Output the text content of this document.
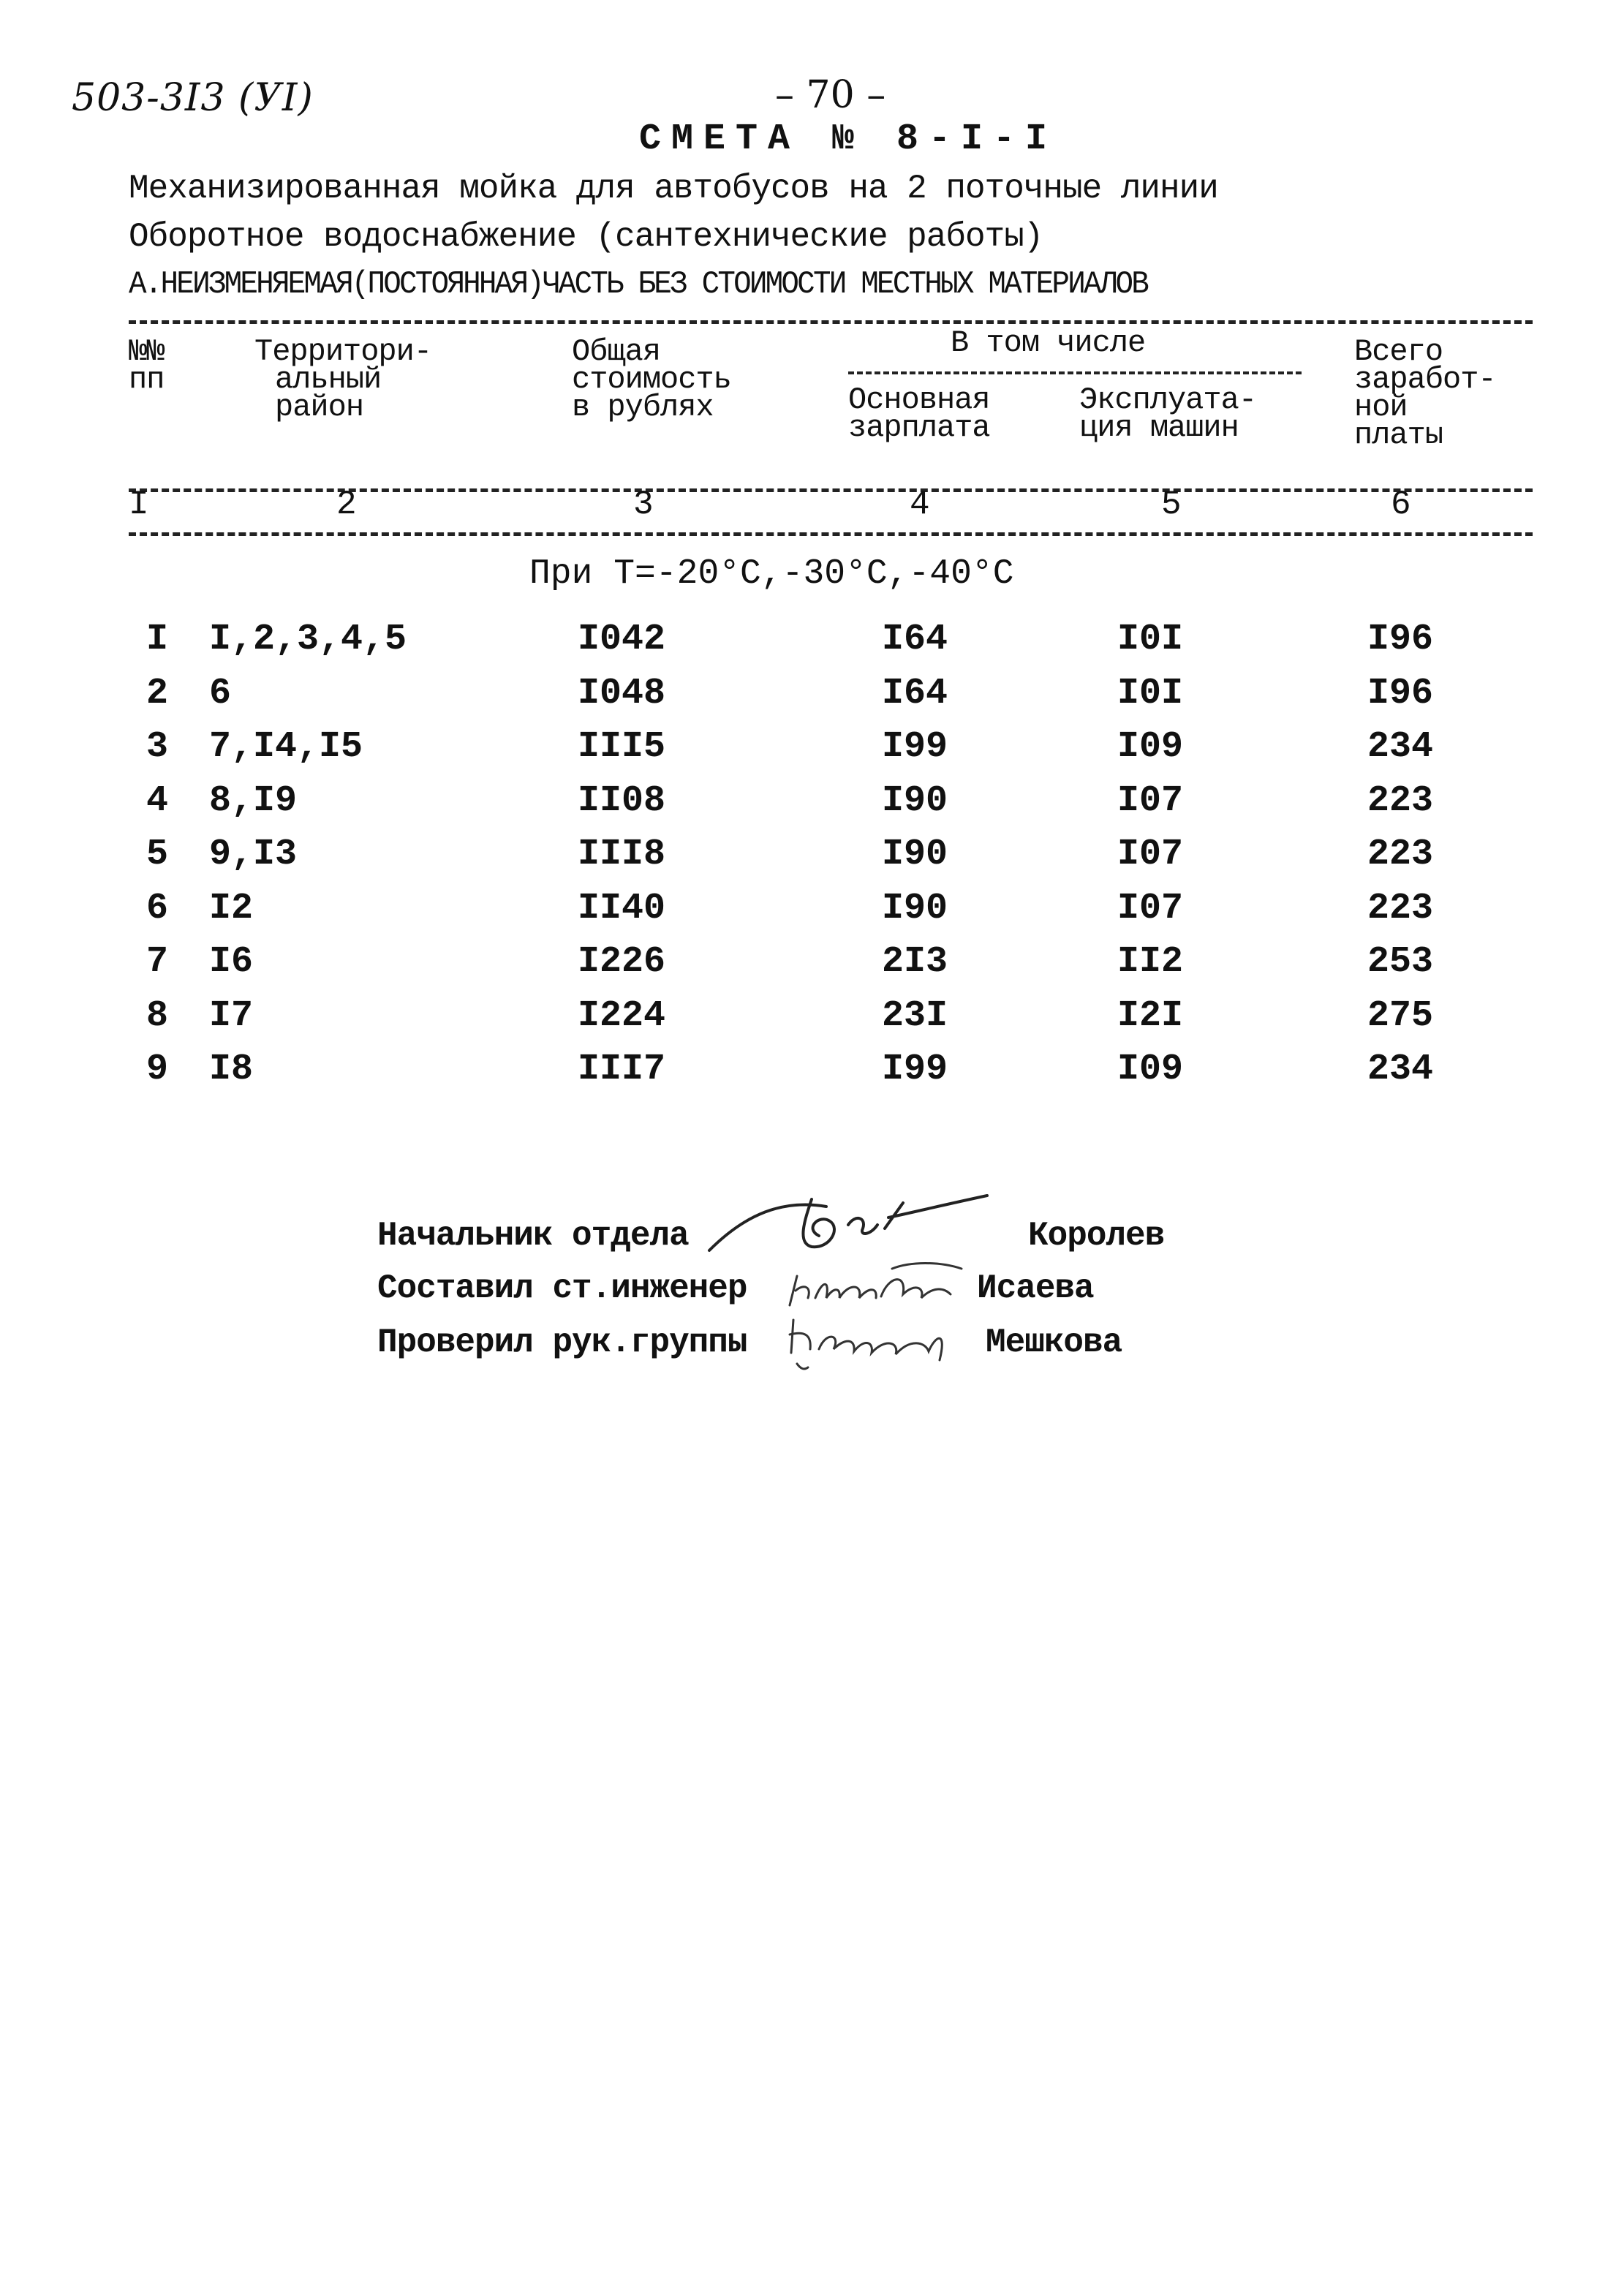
503-3I3 (УI)	– 70 –
СМЕТА № 8-I-I
Механизированная мойка для автобусов на 2 поточные линии
Оборотное водоснабжение (сантехнические работы)
А.НЕИЗМЕНЯЕМАЯ(ПОСТОЯННАЯ)ЧАСТЬ БЕЗ СТОИМОСТИ МЕСТНЫХ МАТЕРИАЛОВ
№№
пп
Территори-
альный
район
Общая
стоимость
в рублях
В том числе
Основная
зарплата
Эксплуата-
ция машин
Всего
заработ-
ной
платы
I	2	3	4	5	6
При Т=-20°С,-30°С,-40°С
I I,2,3,4,5	I042	I64	I0I	I96
2 6	I048	I64	I0I	I96
3 7,I4,I5	III5	I99	I09	234
4 8,I9	II08	I90	I07	223
5 9,I3	III8	I90	I07	223
6 I2	II40	I90	I07	223
7 I6	I226	2I3	II2	253
8 I7	I224	23I	I2I	275
9 I8	III7	I99	I09	234
Начальник отдела	Королев
Составил ст.инженер	Исаева
Проверил рук.группы	Мешкова
